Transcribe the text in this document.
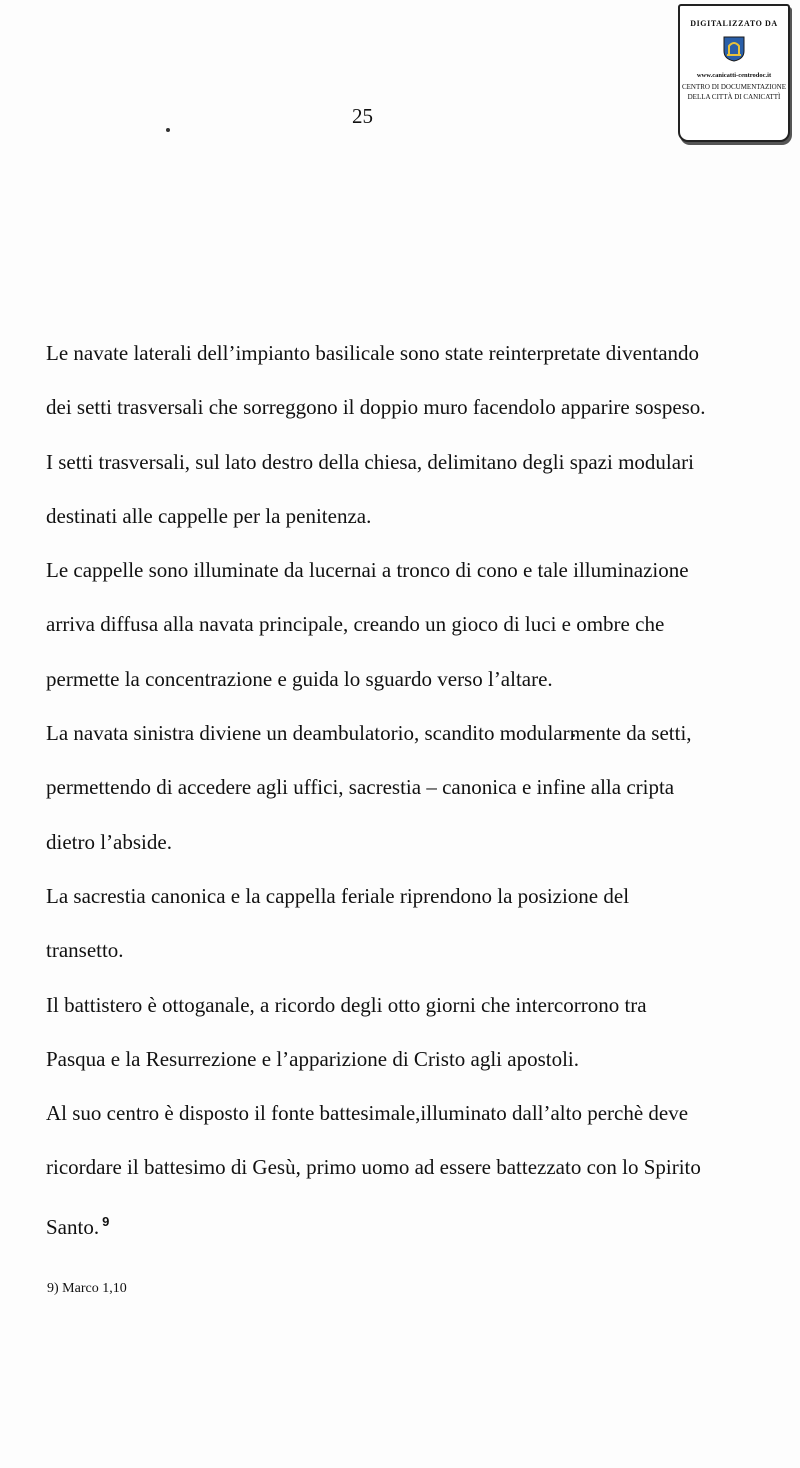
25
DIGITALIZZATO DA
www.canicatti-centrodoc.it
CENTRO DI DOCUMENTAZIONE
DELLA CITTÀ DI CANICATTÌ
Le navate laterali dell’impianto basilicale sono state reinterpretate diventando
dei setti trasversali che sorreggono il doppio muro facendolo apparire sospeso.
I setti trasversali, sul lato destro della chiesa, delimitano degli spazi modulari
destinati alle cappelle per la penitenza.
Le cappelle sono illuminate da lucernai a tronco di cono e tale illuminazione
arriva diffusa alla navata principale, creando un gioco di luci e ombre che
permette la concentrazione e guida lo sguardo verso l’altare.
La navata sinistra diviene un deambulatorio, scandito modularmente da setti,
permettendo di accedere agli uffici, sacrestia – canonica e infine alla cripta
dietro l’abside.
La sacrestia canonica e la cappella feriale riprendono la posizione del
transetto.
Il battistero è ottoganale, a ricordo degli otto giorni che intercorrono tra
Pasqua e la Resurrezione e l’apparizione di Cristo agli apostoli.
Al suo centro è disposto il fonte battesimale,illuminato dall’alto perchè deve
ricordare il battesimo di Gesù, primo uomo ad essere battezzato con lo Spirito
Santo. $^9$
9) Marco 1,10
